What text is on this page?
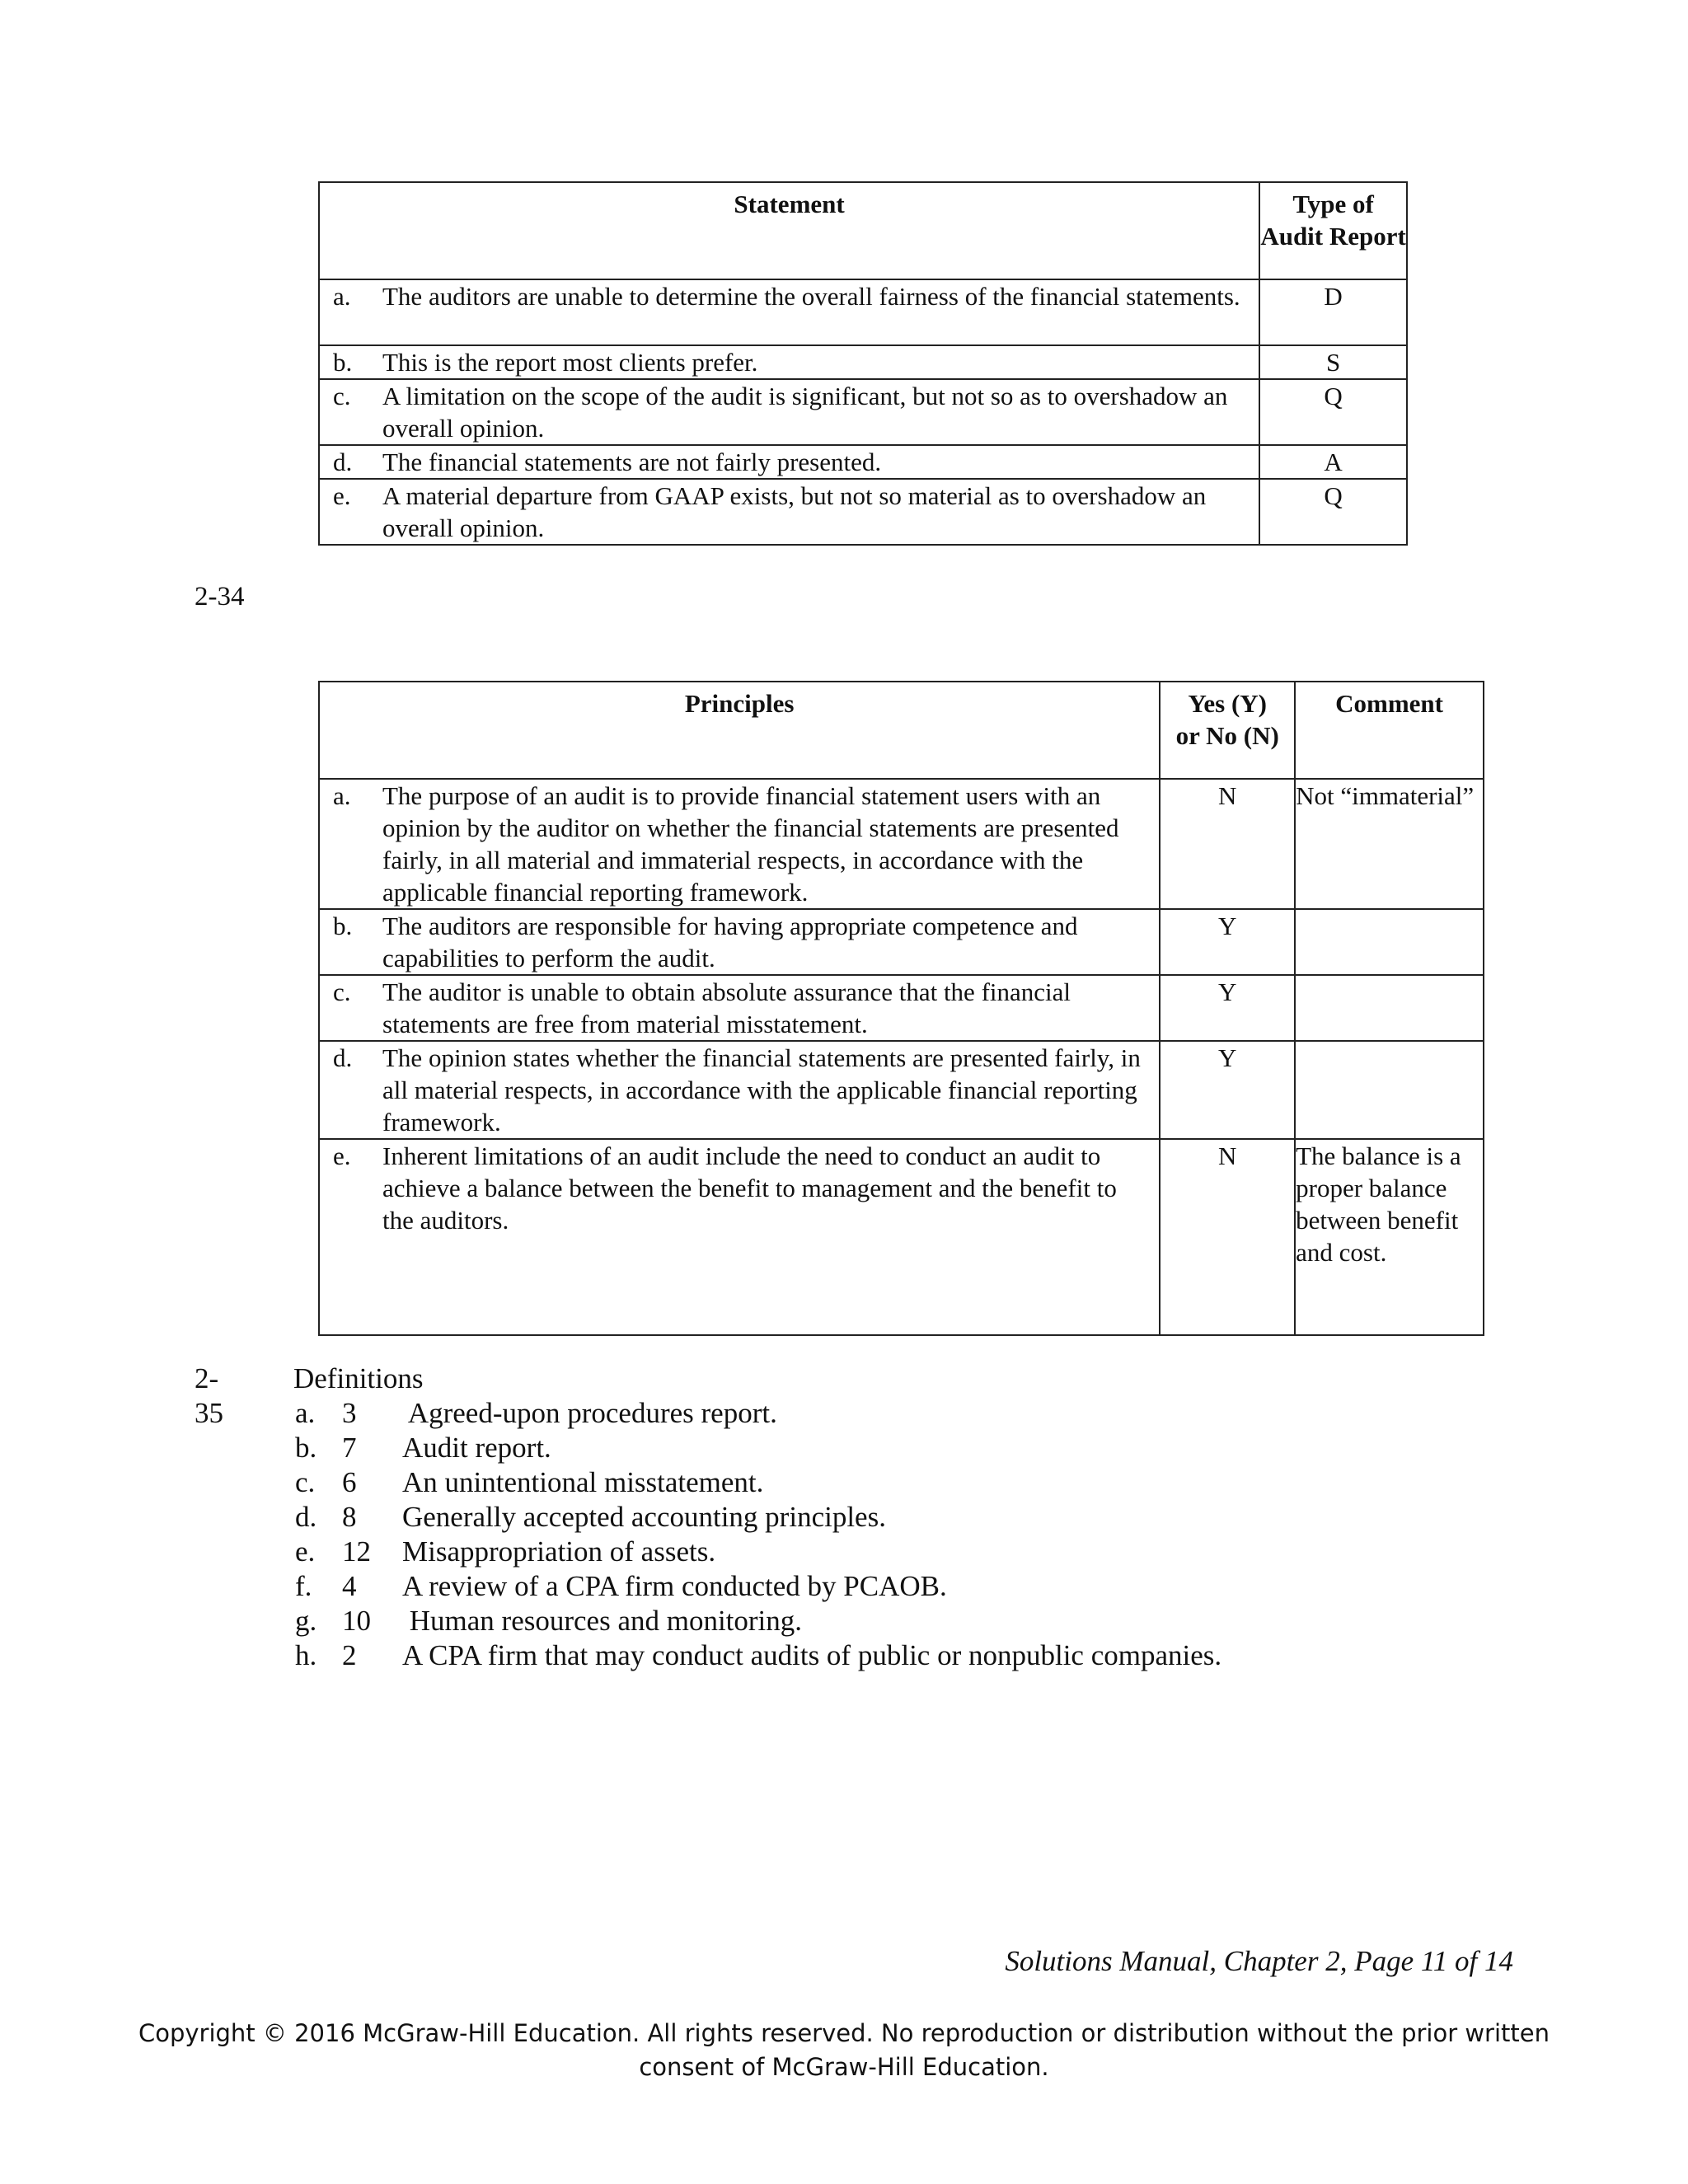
Statement	Type of Audit Report

a. The auditors are unable to determine the overall fairness of the financial statements.	D

b. This is the report most clients prefer.	S

c. A limitation on the scope of the audit is significant, but not so as to overshadow an overall opinion.	Q

d. The financial statements are not fairly presented.	A

e. A material departure from GAAP exists, but not so material as to overshadow an overall opinion.	Q
2-34
Principles	Yes (Y) or No (N)	Comment

a. The purpose of an audit is to provide financial statement users with an opinion by the auditor on whether the financial statements are presented fairly, in all material and immaterial respects, in accordance with the applicable financial reporting framework.	N	Not “immaterial”

b. The auditors are responsible for having appropriate competence and capabilities to perform the audit.	Y	

c. The auditor is unable to obtain absolute assurance that the financial statements are free from material misstatement.	Y	

d. The opinion states whether the financial statements are presented fairly, in all material respects, in accordance with the applicable financial reporting framework.	Y	

e. Inherent limitations of an audit include the need to conduct an audit to achieve a balance between the benefit to management and the benefit to the auditors.	N	The balance is a proper balance between benefit and cost.
2-35
Definitions
a. 3 Agreed-upon procedures report.
b. 7 Audit report.
c. 6 An unintentional misstatement.
d. 8 Generally accepted accounting principles.
e. 12 Misappropriation of assets.
f. 4 A review of a CPA firm conducted by PCAOB.
g. 10 Human resources and monitoring.
h. 2 A CPA firm that may conduct audits of public or nonpublic companies.
Solutions Manual, Chapter 2, Page 11 of 14
Copyright © 2016 McGraw-Hill Education. All rights reserved. No reproduction or distribution without the prior written
consent of McGraw-Hill Education.
